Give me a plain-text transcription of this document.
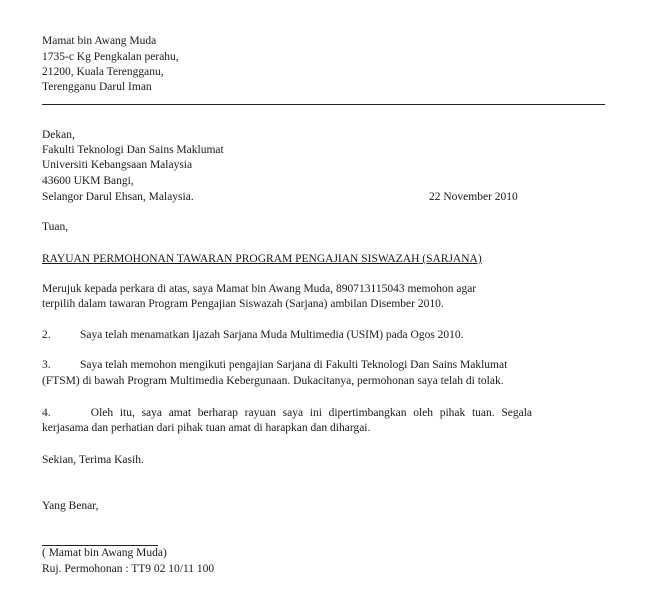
Mamat bin Awang Muda
1735-c Kg Pengkalan perahu,
21200, Kuala Terengganu,
Terengganu Darul Iman
Dekan,
Fakulti Teknologi Dan Sains Maklumat
Universiti Kebangsaan Malaysia
43600 UKM Bangi,
Selangor Darul Ehsan, Malaysia.	22 November 2010
Tuan,
RAYUAN PERMOHONAN TAWARAN PROGRAM PENGAJIAN SISWAZAH (SARJANA)
Merujuk kepada perkara di atas, saya Mamat bin Awang Muda, 890713115043 memohon agar
terpilih dalam tawaran Program Pengajian Siswazah (Sarjana) ambilan Disember 2010.
2.	Saya telah menamatkan Ijazah Sarjana Muda Multimedia (USIM) pada Ogos 2010.
3.	Saya telah memohon mengikuti pengajian Sarjana di Fakulti Teknologi Dan Sains Maklumat
(FTSM) di bawah Program Multimedia Kebergunaan. Dukacitanya, permohonan saya telah di tolak.
4.      Oleh itu, saya amat berharap rayuan saya ini dipertimbangkan oleh pihak tuan. Segala
kerjasama dan perhatian dari pihak tuan amat di harapkan dan dihargai.
Sekian, Terima Kasih.
Yang Benar,
( Mamat bin Awang Muda)
Ruj. Permohonan : TT9 02 10/11 100
